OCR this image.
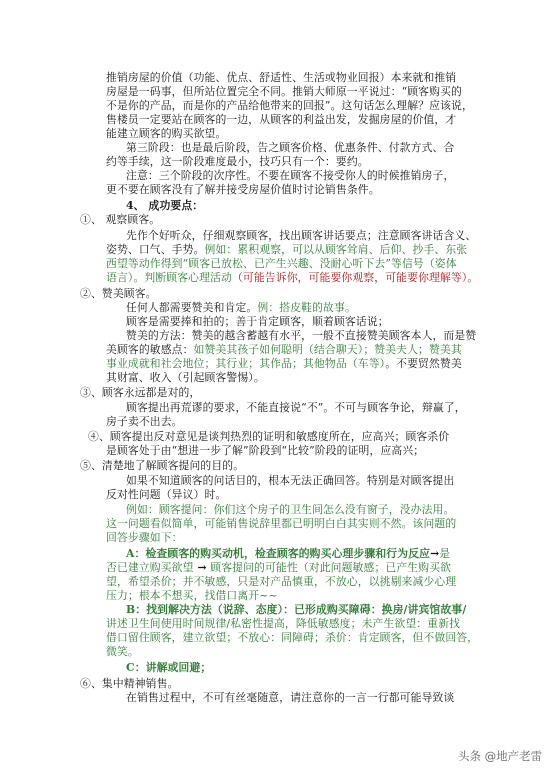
推销房屋的价值（功能、优点、舒适性、生活或物业回报）本来就和推销
房屋是一码事，但所站位置完全不同。推销大师原一平说过：“顾客购买的
不是你的产品，而是你的产品给他带来的回报”。这句话怎么理解？应该说，
售楼员一定要站在顾客的一边，从顾客的利益出发，发掘房屋的价值，才
能建立顾客的购买欲望。
第三阶段：也是最后阶段，告之顾客价格、优惠条件、付款方式、合
约等手续，这一阶段难度最小，技巧只有一个：要约。
注意：三个阶段的次序性。不要在顾客不接受你人的时候推销房子，
更不要在顾客没有了解并接受房屋价值时讨论销售条件。
4、 成功要点：
①、 观察顾客。
先作个好听众，仔细观察顾客，找出顾客讲话要点；注意顾客讲话含义、
姿势、口气、手势。例如：累积观察，可以从顾客耸肩、后仰、抄手、东张
西望等动作得到“顾客已放松、已产生兴趣、没耐心听下去”等信号（姿体
语言）。判断顾客心理活动（可能告诉你，可能要你观察，可能要你理解等）。
②、赞美顾客。
任何人都需要赞美和肯定。例：搭皮鞋的故事。
顾客是需要捧和拍的；善于肯定顾客，顺着顾客话说；
赞美的方法：赞美的越含蓄越有水平，一般不直接赞美顾客本人，而是赞
美顾客的敏感点：如赞美其孩子如何聪明（结合聊天）；赞美夫人；赞美其
事业成就和社会地位；其行业；其作品；其他物品（车等）。不要贸然赞美
其财富、收入（引起顾客警惕）。
③、顾客永远都是对的，
顾客提出再荒谬的要求，不能直接说“不”。不可与顾客争论，辩赢了，
房子卖不出去。
④、顾客提出反对意见是谈判热烈的证明和敏感度所在，应高兴；顾客杀价
是顾客处于由“想进一步了解”阶段到“比较”阶段的证明，应高兴；
⑤、清楚地了解顾客提问的目的。
如果不知道顾客的问话目的，根本无法正确回答。特别是对顾客提出
反对性问题（异议）时。
例如：顾客提问：你们这个房子的卫生间怎么没有窗子，没办法用。
这一问题看似简单，可能销售说辞里都已明明白白其实则不然。该问题的
回答步骤如下：
A：检查顾客的购买动机，检查顾客的购买心理步骤和行为反应→是
否已建立购买欲望 → 顾客提问的可能性（对此问题敏感；已产生购买欲
望，希望杀价；并不敏感，只是对产品慎重，不放心，以挑剔来减少心理
压力；根本不想买，找借口离开~~
B：找到解决方法（说辞、态度）：已形成购买障碍：换房/讲宾馆故事/
讲述卫生间使用时间规律/私密性提高，降低敏感度；未产生欲望：重新找
借口留住顾客，建立欲望；不放心：同障碍；杀价：肯定顾客，但不做回答，
微笑。
C：讲解或回避；
⑥、集中精神销售。
在销售过程中，不可有丝毫随意，请注意你的一言一行都可能导致谈
头条 @地产老雷
